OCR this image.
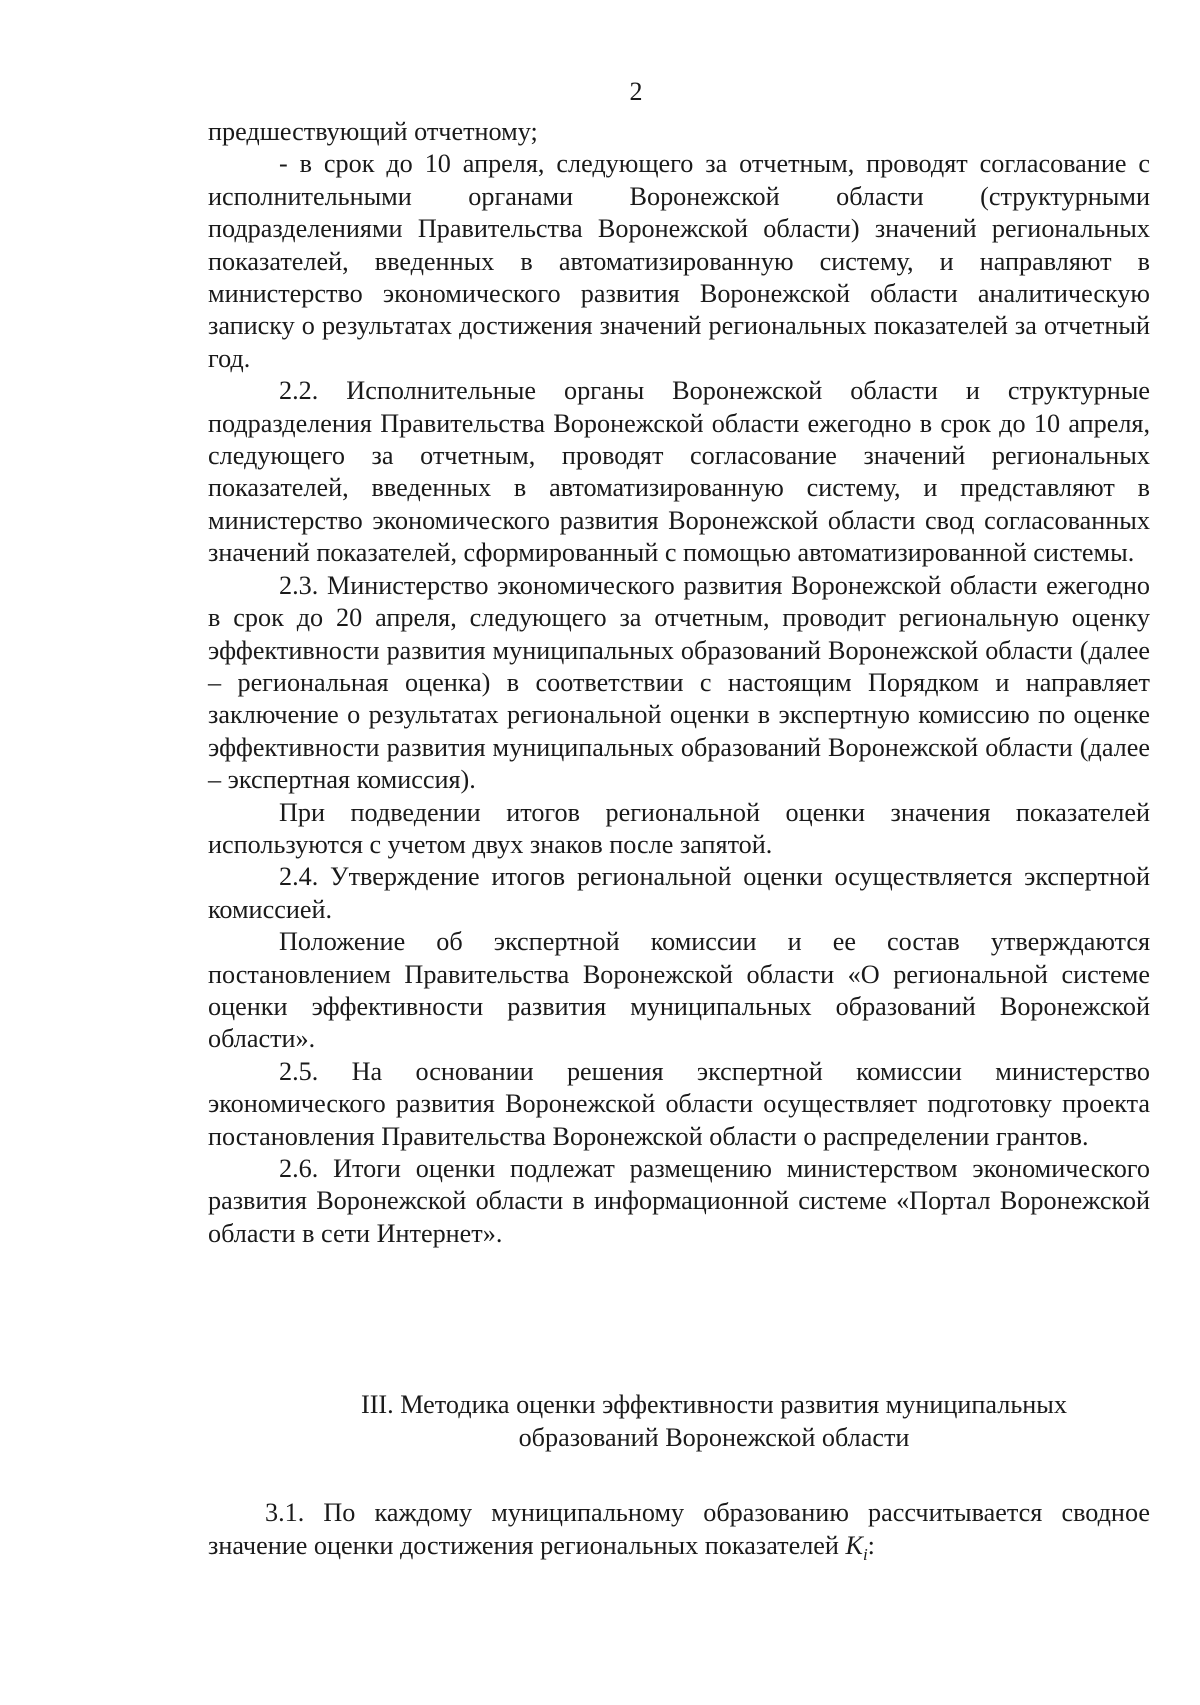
2

предшествующий отчетному;

- в срок до 10 апреля, следующего за отчетным, проводят согласование с исполнительными органами Воронежской области (структурными подразделениями Правительства Воронежской области) значений региональных показателей, введенных в автоматизированную систему, и направляют в министерство экономического развития Воронежской области аналитическую записку о результатах достижения значений региональных показателей за отчетный год.

2.2. Исполнительные органы Воронежской области и структурные подразделения Правительства Воронежской области ежегодно в срок до 10 апреля, следующего за отчетным, проводят согласование значений региональных показателей, введенных в автоматизированную систему, и представляют в министерство экономического развития Воронежской области свод согласованных значений показателей, сформированный с помощью автоматизированной системы.

2.3. Министерство экономического развития Воронежской области ежегодно в срок до 20 апреля, следующего за отчетным, проводит региональную оценку эффективности развития муниципальных образований Воронежской области (далее – региональная оценка) в соответствии с настоящим Порядком и направляет заключение о результатах региональной оценки в экспертную комиссию по оценке эффективности развития муниципальных образований Воронежской области (далее – экспертная комиссия).

При подведении итогов региональной оценки значения показателей используются с учетом двух знаков после запятой.

2.4. Утверждение итогов региональной оценки осуществляется экспертной комиссией.

Положение об экспертной комиссии и ее состав утверждаются постановлением Правительства Воронежской области «О региональной системе оценки эффективности развития муниципальных образований Воронежской области».

2.5. На основании решения экспертной комиссии министерство экономического развития Воронежской области осуществляет подготовку проекта постановления Правительства Воронежской области о распределении грантов.

2.6. Итоги оценки подлежат размещению министерством экономического развития Воронежской области в информационной системе «Портал Воронежской области в сети Интернет».

III. Методика оценки эффективности развития муниципальных
образований Воронежской области

3.1. По каждому муниципальному образованию рассчитывается сводное значение оценки достижения региональных показателей $K_i$:
